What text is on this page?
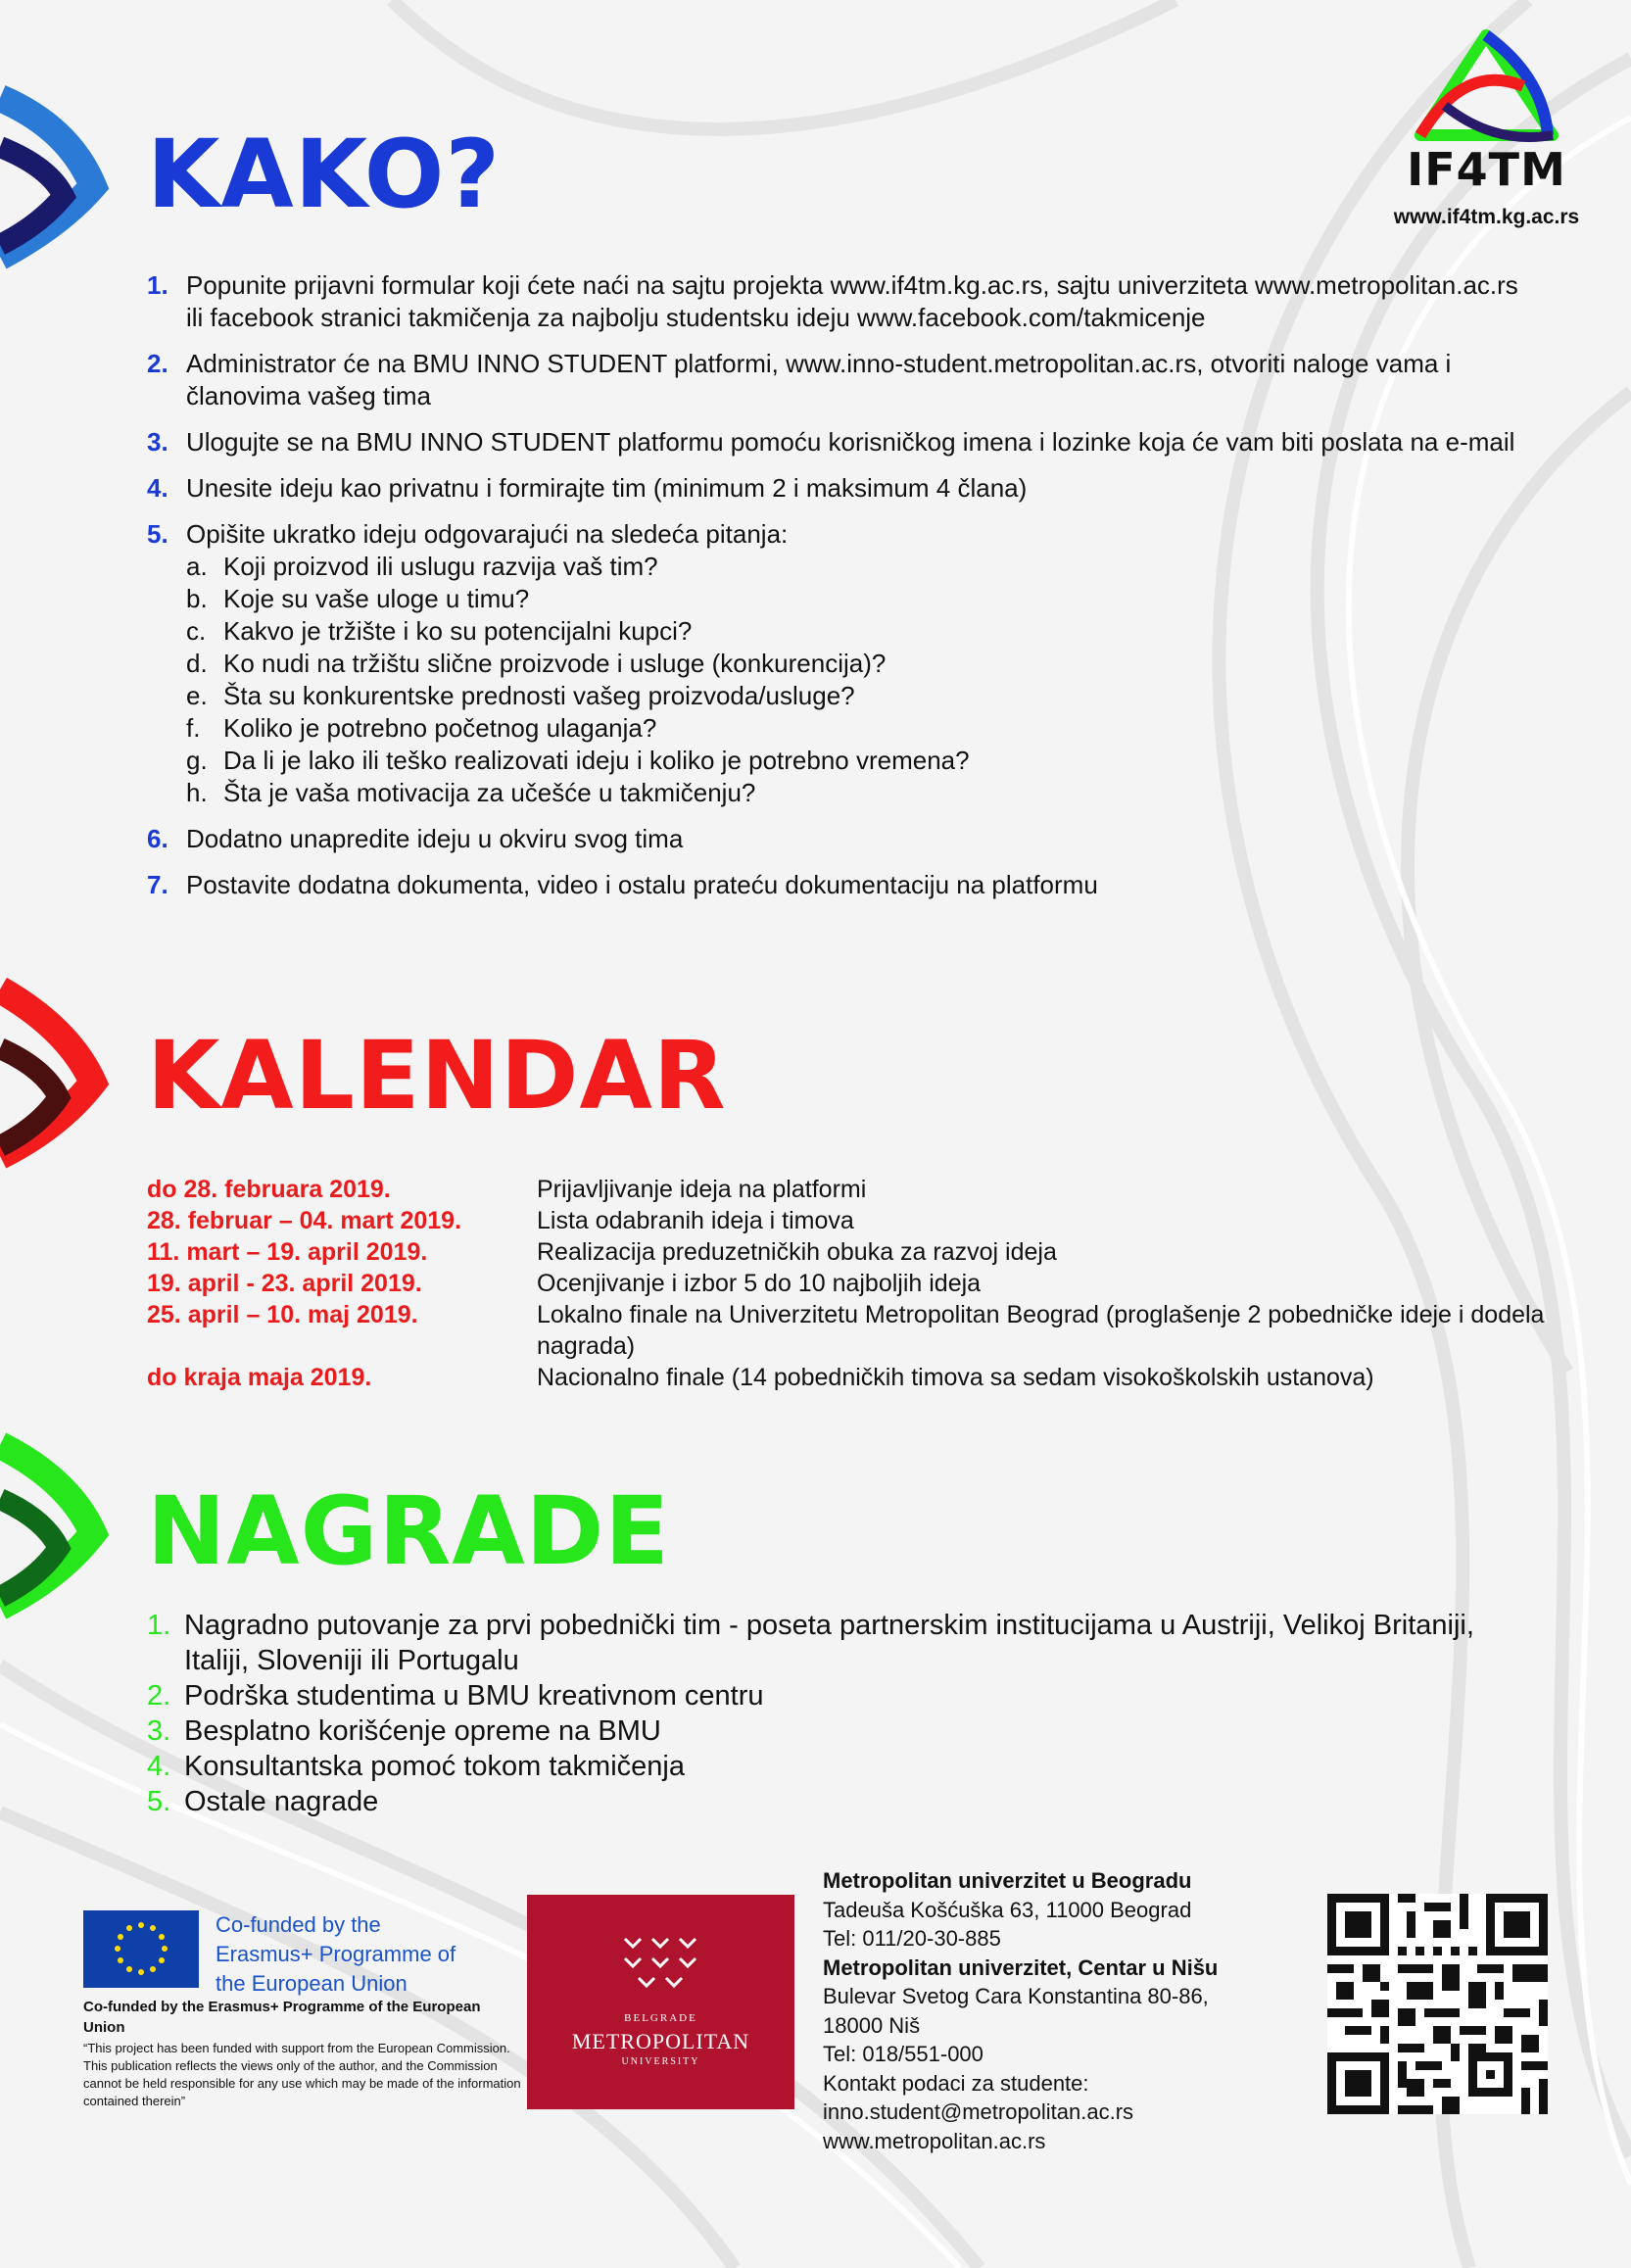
IF4TM
www.if4tm.kg.ac.rs
KAKO?
1. Popunite prijavni formular koji ćete naći na sajtu projekta www.if4tm.kg.ac.rs, sajtu univerziteta www.metropolitan.ac.rs ili facebook stranici takmičenja za najbolju studentsku ideju www.facebook.com/takmicenje
2. Administrator će na BMU INNO STUDENT platformi, www.inno-student.metropolitan.ac.rs, otvoriti naloge vama i članovima vašeg tima
3. Ulogujte se na BMU INNO STUDENT platformu pomoću korisničkog imena i lozinke koja će vam biti poslata na e-mail
4. Unesite ideju kao privatnu i formirajte tim (minimum 2 i maksimum 4 člana)
5. Opišite ukratko ideju odgovarajući na sledeća pitanja:
a. Koji proizvod ili uslugu razvija vaš tim?
b. Koje su vaše uloge u timu?
c. Kakvo je tržište i ko su potencijalni kupci?
d. Ko nudi na tržištu slične proizvode i usluge (konkurencija)?
e. Šta su konkurentske prednosti vašeg proizvoda/usluge?
f. Koliko je potrebno početnog ulaganja?
g. Da li je lako ili teško realizovati ideju i koliko je potrebno vremena?
h. Šta je vaša motivacija za učešće u takmičenju?
6. Dodatno unapredite ideju u okviru svog tima
7. Postavite dodatna dokumenta, video i ostalu prateću dokumentaciju na platformu
KALENDAR
do 28. februara 2019.	Prijavljivanje ideja na platformi
28. februar – 04. mart 2019.	Lista odabranih ideja i timova
11. mart – 19. april 2019.	Realizacija preduzetničkih obuka za razvoj ideja
19. april - 23. april 2019.	Ocenjivanje i izbor 5 do 10 najboljih ideja
25. april – 10. maj 2019.	Lokalno finale na Univerzitetu Metropolitan Beograd (proglašenje 2 pobedničke ideje i dodela nagrada)
do kraja maja 2019.	Nacionalno finale (14 pobedničkih timova sa sedam visokoškolskih ustanova)
NAGRADE
1. Nagradno putovanje za prvi pobednički tim - poseta partnerskim institucijama u Austriji, Velikoj Britaniji, Italiji, Sloveniji ili Portugalu
2. Podrška studentima u BMU kreativnom centru
3. Besplatno korišćenje opreme na BMU
4. Konsultantska pomoć tokom takmičenja
5. Ostale nagrade
Co-funded by the Erasmus+ Programme of the European Union
Co-funded by the Erasmus+ Programme of the European Union
“This project has been funded with support from the European Commission. This publication reflects the views only of the author, and the Commission cannot be held responsible for any use which may be made of the information contained therein”
BELGRADE
METROPOLITAN
UNIVERSITY
Metropolitan univerzitet u Beogradu
Tadeuša Košćuška 63, 11000 Beograd
Tel: 011/20-30-885
Metropolitan univerzitet, Centar u Nišu
Bulevar Svetog Cara Konstantina 80-86,
18000 Niš
Tel: 018/551-000
Kontakt podaci za studente:
inno.student@metropolitan.ac.rs
www.metropolitan.ac.rs
